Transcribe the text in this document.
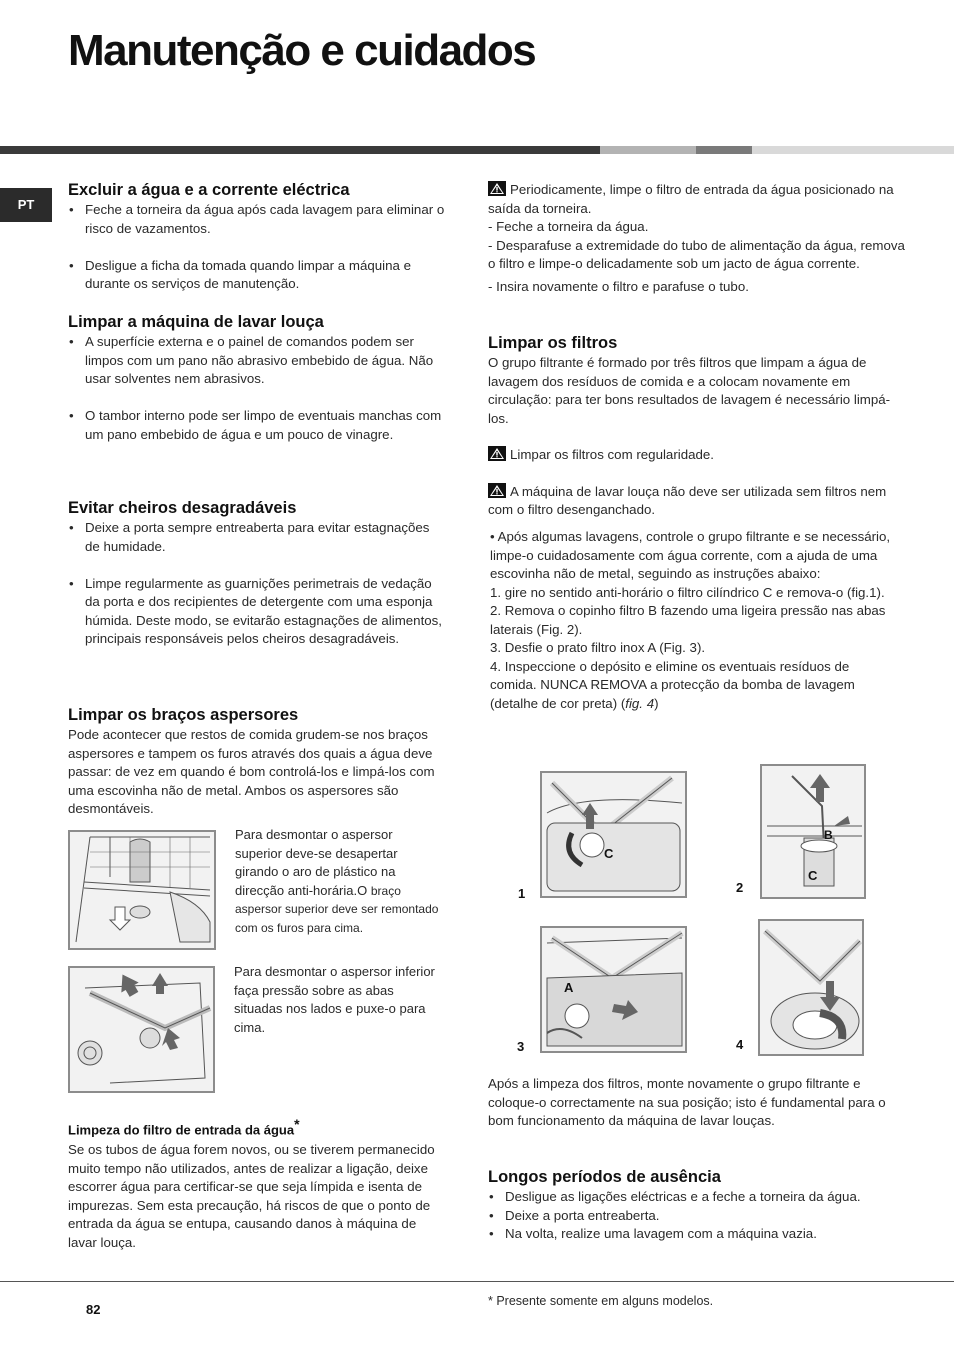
Manutenção e cuidados
PT
Excluir a água e a corrente eléctrica
• Feche a torneira da água após cada lavagem para eliminar o risco de vazamentos.
• Desligue a ficha da tomada quando limpar a máquina e durante os serviços de manutenção.
Limpar a máquina de lavar louça
• A superfície externa e o painel de comandos podem ser limpos com um pano não abrasivo embebido de água. Não usar solventes nem abrasivos.
• O tambor interno pode ser limpo de eventuais manchas com um pano embebido de água e um pouco de vinagre.
Evitar cheiros desagradáveis
• Deixe a porta sempre entreaberta para evitar estagnações de humidade.
• Limpe regularmente as guarnições perimetrais de vedação da porta e dos recipientes de detergente com uma esponja húmida. Deste modo, se evitarão estagnações de alimentos, principais responsáveis pelos cheiros desagradáveis.
Limpar os braços aspersores

Pode acontecer que restos de comida grudem-se nos braços aspersores e tampem os furos através dos quais a água deve passar: de vez em quando é bom controlá-los e limpá-los com uma escovinha não de metal. Ambos os aspersores são desmontáveis.

Para desmontar o aspersor superior deve-se desapertar girando o aro de plástico na direcção anti-horária.O braço aspersor superior deve ser remontado com os furos para cima.
Para desmontar o aspersor inferior faça pressão sobre as abas situadas nos lados e puxe-o para cima.
Limpeza do filtro de entrada da água*

Se os tubos de água forem novos, ou se tiverem permanecido muito tempo não utilizados, antes de realizar a ligação, deixe escorrer água para certificar-se que seja límpida e isenta de impurezas. Sem esta precaução, há riscos de que o ponto de entrada da água se entupa, causando danos à máquina de lavar louça.

Periodicamente, limpe o filtro de entrada da água posicionado na saída da torneira.

- Feche a torneira da água.

- Desparafuse a extremidade do tubo de alimentação da água, remova o filtro e limpe-o delicadamente sob um jacto de água corrente.

- Insira novamente o filtro e parafuse o tubo.

Limpar os filtros

O grupo filtrante é formado por três filtros que limpam a água de lavagem dos resíduos de comida e a colocam novamente em circulação: para ter bons resultados de lavagem é necessário limpá-los.

Limpar os filtros com regularidade.

A máquina de lavar louça não deve ser utilizada sem filtros nem com o filtro desenganchado.

• Após algumas lavagens, controle o grupo filtrante e se necessário, limpe-o cuidadosamente com água corrente, com a ajuda de uma escovinha não de metal, seguindo as instruções abaixo:

1. gire no sentido anti-horário o filtro cilíndrico C e remova-o (fig.1).

2. Remova o copinho filtro B fazendo uma ligeira pressão nas abas laterais (Fig. 2).

3. Desfie o prato filtro inox A (Fig. 3).

4. Inspeccione o depósito e elimine os eventuais resíduos de comida. NUNCA REMOVA a protecção da bomba de lavagem (detalhe de cor preta) (fig. 4)

C
1
B
C
2
A
3	4

Após a limpeza dos filtros, monte novamente o grupo filtrante e coloque-o correctamente na sua posição; isto é fundamental para o bom funcionamento da máquina de lavar louças.

Longos períodos de ausência
• Desligue as ligações eléctricas e a feche a torneira da água.
• Deixe a porta entreaberta.
• Na volta, realize uma lavagem com a máquina vazia.
82
* Presente somente em alguns modelos.
